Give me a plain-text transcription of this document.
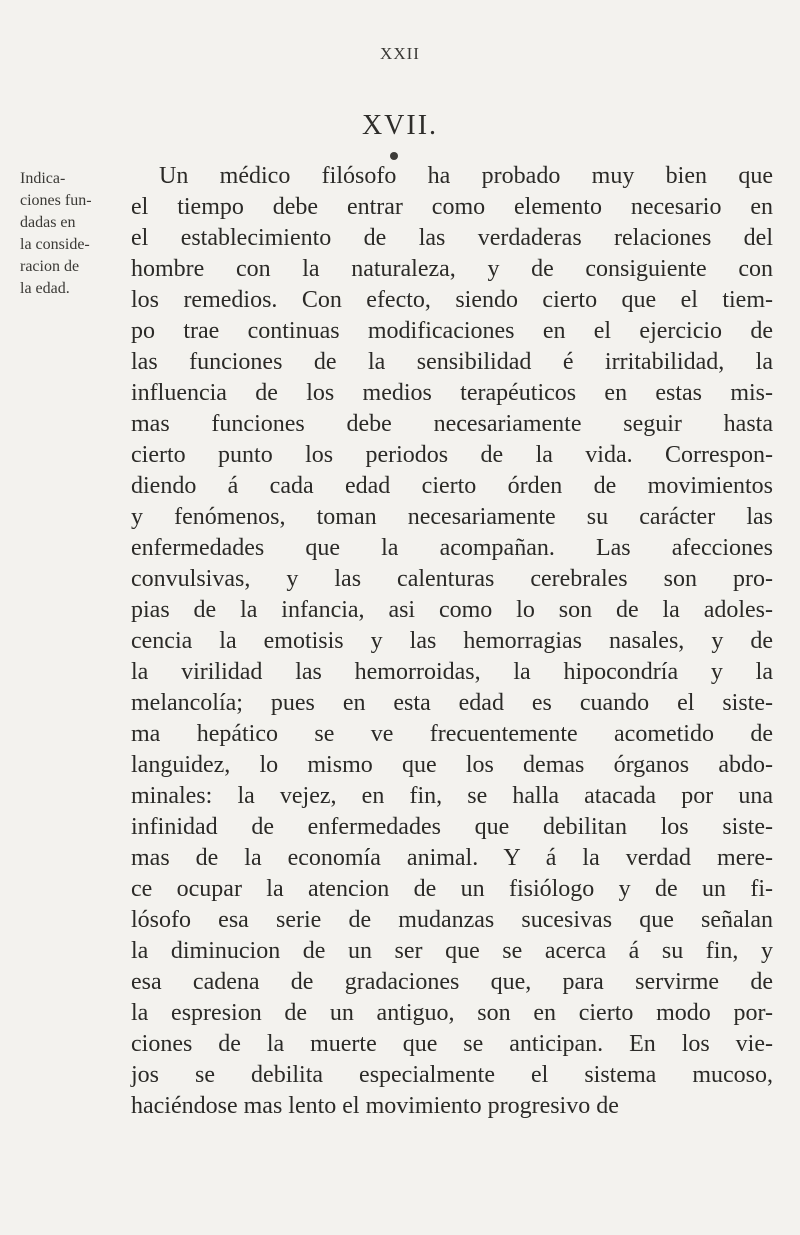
XXII
XVII.
Indica-
ciones fun-
dadas en
la conside-
racion de
la edad.
Un médico filósofo ha probado muy bien que
el tiempo debe entrar como elemento necesario en
el establecimiento de las verdaderas relaciones del
hombre con la naturaleza, y de consiguiente con
los remedios. Con efecto, siendo cierto que el tiem-
po trae continuas modificaciones en el ejercicio de
las funciones de la sensibilidad é irritabilidad, la
influencia de los medios terapéuticos en estas mis-
mas funciones debe necesariamente seguir hasta
cierto punto los periodos de la vida. Correspon-
diendo á cada edad cierto órden de movimientos
y fenómenos, toman necesariamente su carácter las
enfermedades que la acompañan. Las afecciones
convulsivas, y las calenturas cerebrales son pro-
pias de la infancia, asi como lo son de la adoles-
cencia la emotisis y las hemorragias nasales, y de
la virilidad las hemorroidas, la hipocondría y la
melancolía; pues en esta edad es cuando el siste-
ma hepático se ve frecuentemente acometido de
languidez, lo mismo que los demas órganos abdo-
minales: la vejez, en fin, se halla atacada por una
infinidad de enfermedades que debilitan los siste-
mas de la economía animal. Y á la verdad mere-
ce ocupar la atencion de un fisiólogo y de un fi-
lósofo esa serie de mudanzas sucesivas que señalan
la diminucion de un ser que se acerca á su fin, y
esa cadena de gradaciones que, para servirme de
la espresion de un antiguo, son en cierto modo por-
ciones de la muerte que se anticipan. En los vie-
jos se debilita especialmente el sistema mucoso,
haciéndose mas lento el movimiento progresivo de
